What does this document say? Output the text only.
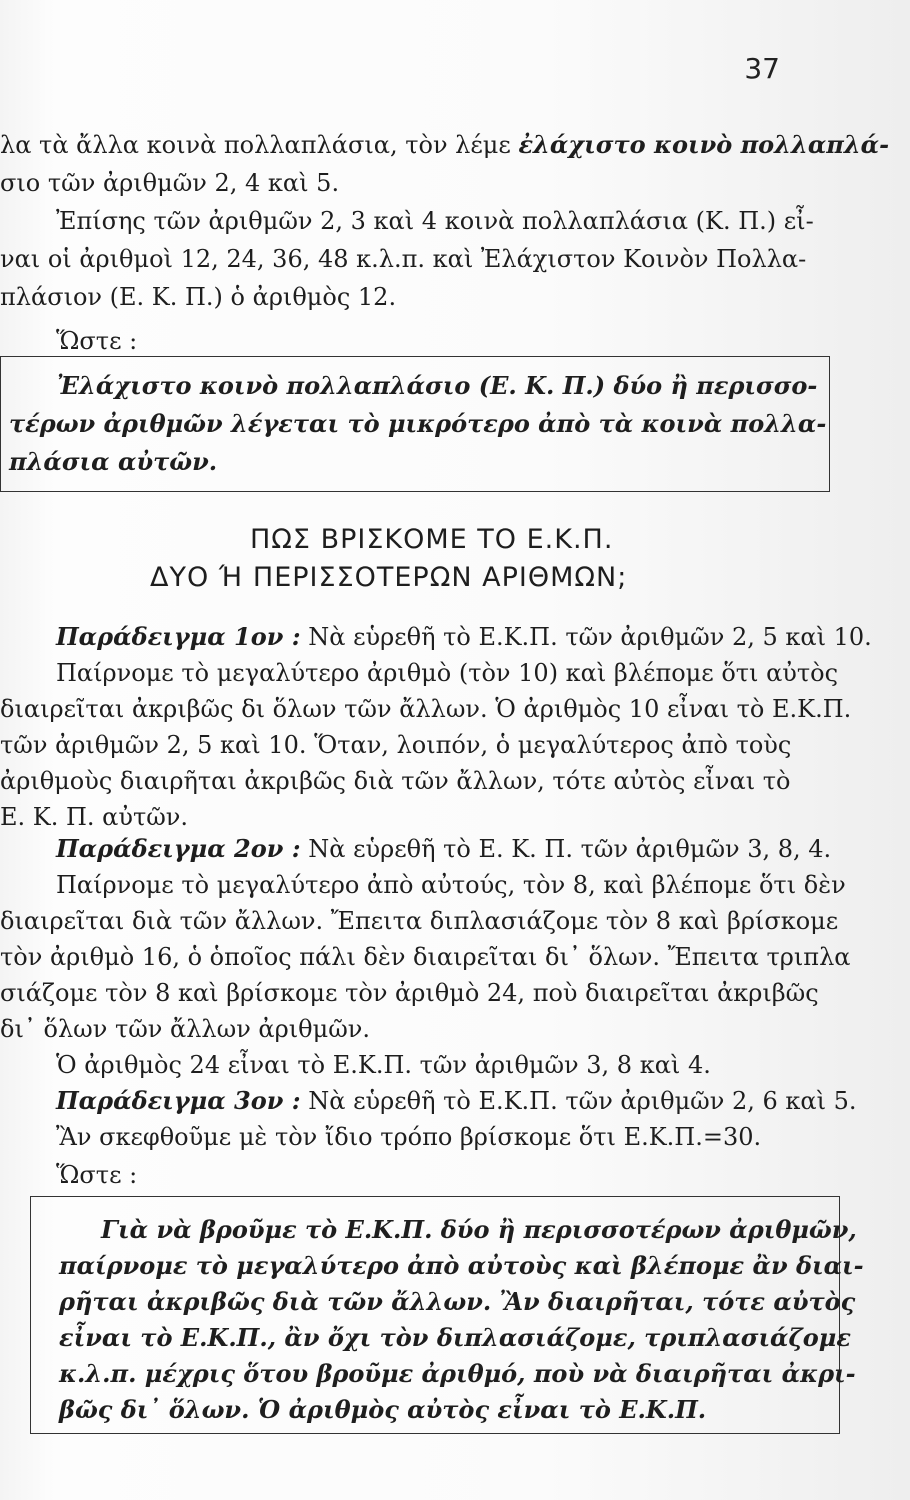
37
λα τὰ ἄλλα κοινὰ πολλαπλάσια, τὸν λέμε ἐλάχιστο κοινὸ πολλαπλά-
σιο τῶν ἀριθμῶν 2, 4 καὶ 5.
Ἐπίσης τῶν ἀριθμῶν 2, 3 καὶ 4 κοινὰ πολλαπλάσια (Κ. Π.) εἶ-
ναι οἱ ἀριθμοὶ 12, 24, 36, 48 κ.λ.π. καὶ Ἐλάχιστον Κοινὸν Πολλα-
πλάσιον (Ε. Κ. Π.) ὁ ἀριθμὸς 12.
Ὥστε :
Ἐλάχιστο κοινὸ πολλαπλάσιο (Ε. Κ. Π.) δύο ἢ περισσο-
τέρων ἀριθμῶν λέγεται τὸ μικρότερο ἀπὸ τὰ κοινὰ πολλα-
πλάσια αὐτῶν.
ΠΩΣ ΒΡΙΣΚΟΜΕ ΤΟ Ε.Κ.Π.
ΔΥΟ Ή ΠΕΡΙΣΣΟΤΕΡΩΝ ΑΡΙΘΜΩΝ;
Παράδειγμα 1ον : Νὰ εὑρεθῆ τὸ Ε.Κ.Π. τῶν ἀριθμῶν 2, 5 καὶ 10.
Παίρνομε τὸ μεγαλύτερο ἀριθμὸ (τὸν 10) καὶ βλέπομε ὅτι αὐτὸς
διαιρεῖται ἀκριβῶς δι ὅλων τῶν ἄλλων. Ὁ ἀριθμὸς 10 εἶναι τὸ Ε.Κ.Π.
τῶν ἀριθμῶν 2, 5 καὶ 10. Ὅταν, λοιπόν, ὁ μεγαλύτερος ἀπὸ τοὺς
ἀριθμοὺς διαιρῆται ἀκριβῶς διὰ τῶν ἄλλων, τότε αὐτὸς εἶναι τὸ
Ε. Κ. Π. αὐτῶν.
Παράδειγμα 2ον : Νὰ εὑρεθῆ τὸ Ε. Κ. Π. τῶν ἀριθμῶν 3, 8, 4.
Παίρνομε τὸ μεγαλύτερο ἀπὸ αὐτούς, τὸν 8, καὶ βλέπομε ὅτι δὲν
διαιρεῖται διὰ τῶν ἄλλων. Ἔπειτα διπλασιάζομε τὸν 8 καὶ βρίσκομε
τὸν ἀριθμὸ 16, ὁ ὁποῖος πάλι δὲν διαιρεῖται δι᾽ ὅλων. Ἔπειτα τριπλα
σιάζομε τὸν 8 καὶ βρίσκομε τὸν ἀριθμὸ 24, ποὺ διαιρεῖται ἀκριβῶς
δι᾽ ὅλων τῶν ἄλλων ἀριθμῶν.
Ὁ ἀριθμὸς 24 εἶναι τὸ Ε.Κ.Π. τῶν ἀριθμῶν 3, 8 καὶ 4.
Παράδειγμα 3ον : Νὰ εὑρεθῆ τὸ Ε.Κ.Π. τῶν ἀριθμῶν 2, 6 καὶ 5.
Ἂν σκεφθοῦμε μὲ τὸν ἴδιο τρόπο βρίσκομε ὅτι Ε.Κ.Π.=30.
Ὥστε :
Γιὰ νὰ βροῦμε τὸ Ε.Κ.Π. δύο ἢ περισσοτέρων ἀριθμῶν,
παίρνομε τὸ μεγαλύτερο ἀπὸ αὐτοὺς καὶ βλέπομε ἂν διαι-
ρῆται ἀκριβῶς διὰ τῶν ἄλλων. Ἂν διαιρῆται, τότε αὐτὸς
εἶναι τὸ Ε.Κ.Π., ἂν ὄχι τὸν διπλασιάζομε, τριπλασιάζομε
κ.λ.π. μέχρις ὅτου βροῦμε ἀριθμό, ποὺ νὰ διαιρῆται ἀκρι-
βῶς δι᾽ ὅλων. Ὁ ἀριθμὸς αὐτὸς εἶναι τὸ Ε.Κ.Π.
